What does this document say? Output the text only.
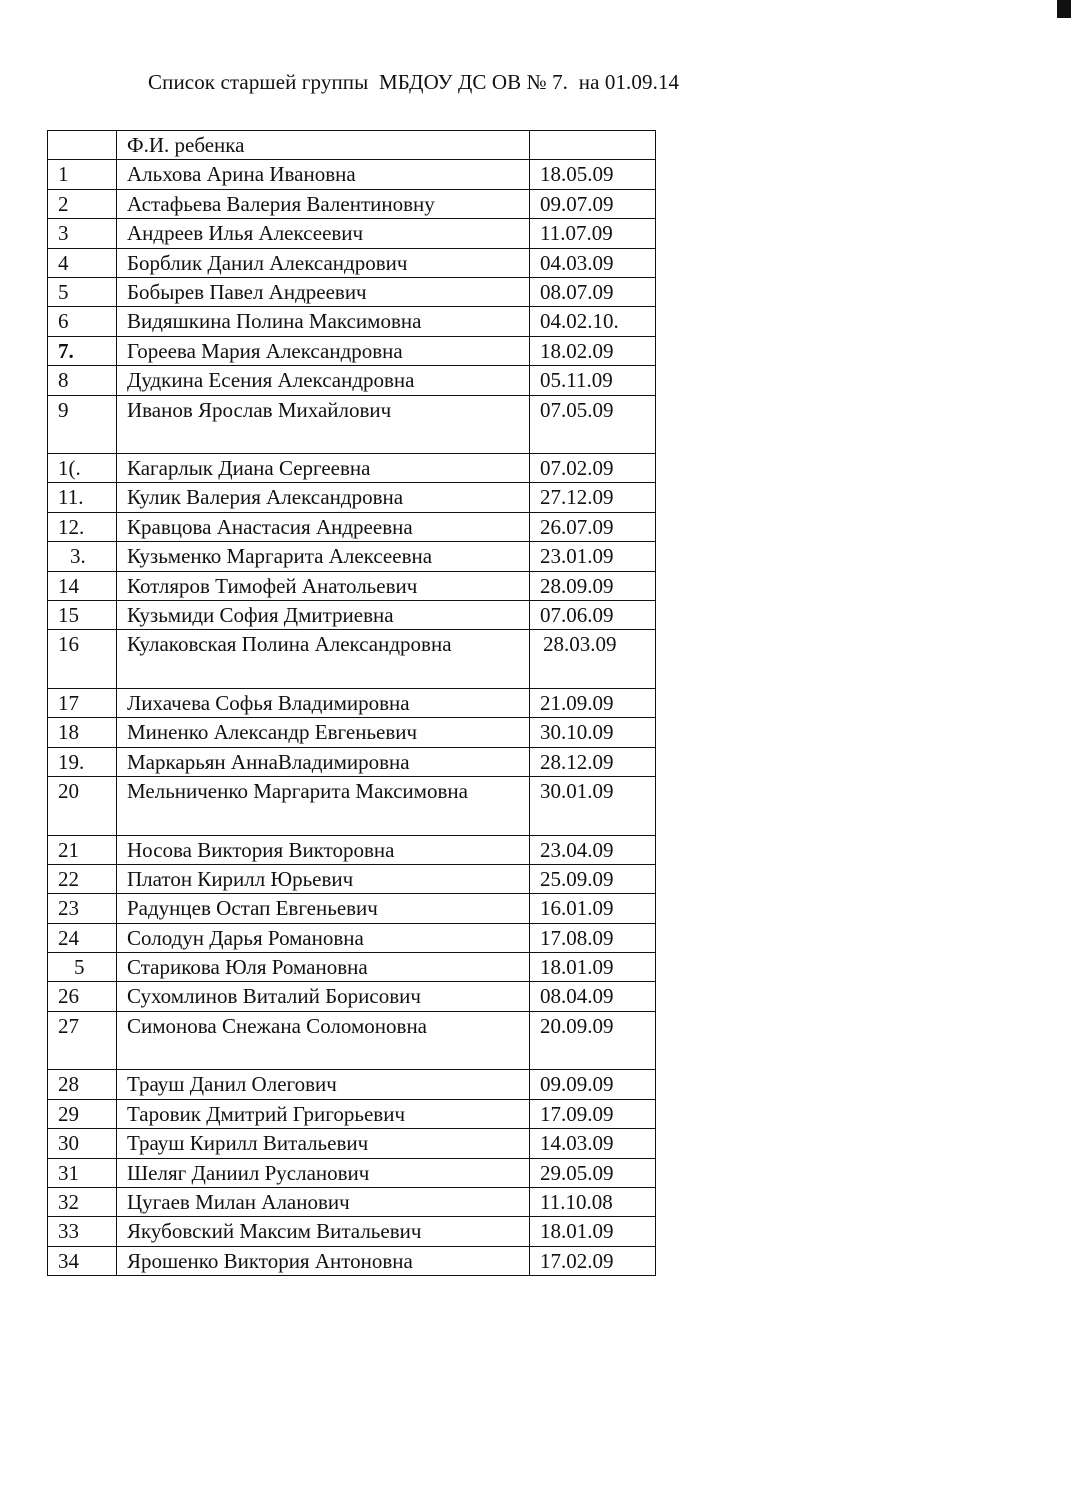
Список старшей группы  МБДОУ ДС ОВ № 7.  на 01.09.14
	Ф.И. ребенка	
1	Альхова Арина Ивановна	18.05.09
2	Астафьева Валерия Валентиновну	09.07.09
3	Андреев Илья Алексеевич	11.07.09
4	Борблик Данил Александрович	04.03.09
5	Бобырев Павел Андреевич	08.07.09
6	Видяшкина Полина Максимовна	04.02.10.
7.	Гореева Мария Александровна	18.02.09
8	Дудкина Есения Александровна	05.11.09
9	Иванов Ярослав Михайлович	07.05.09
1(.	Кагарлык Диана Сергеевна	07.02.09
11.	Кулик Валерия Александровна	27.12.09
12.	Кравцова Анастасия Андреевна	26.07.09
3.	Кузьменко Маргарита Алексеевна	23.01.09
14	Котляров Тимофей Анатольевич	28.09.09
15	Кузьмиди София Дмитриевна	07.06.09
16	Кулаковская Полина Александровна	28.03.09
17	Лихачева Софья Владимировна	21.09.09
18	Миненко Александр Евгеньевич	30.10.09
19.	Маркарьян АннаВладимировна	28.12.09
20	Мельниченко Маргарита Максимовна	30.01.09
21	Носова Виктория Викторовна	23.04.09
22	Платон Кирилл Юрьевич	25.09.09
23	Радунцев Остап Евгеньевич	16.01.09
24	Солодун Дарья Романовна	17.08.09
5	Старикова Юля Романовна	18.01.09
26	Сухомлинов Виталий Борисович	08.04.09
27	Симонова Снежана Соломоновна	20.09.09
28	Трауш Данил Олегович	09.09.09
29	Таровик Дмитрий Григорьевич	17.09.09
30	Трауш Кирилл Витальевич	14.03.09
31	Шеляг Даниил Русланович	29.05.09
32	Цугаев Милан Аланович	11.10.08
33	Якубовский Максим Витальевич	18.01.09
34	Ярошенко Виктория Антоновна	17.02.09
